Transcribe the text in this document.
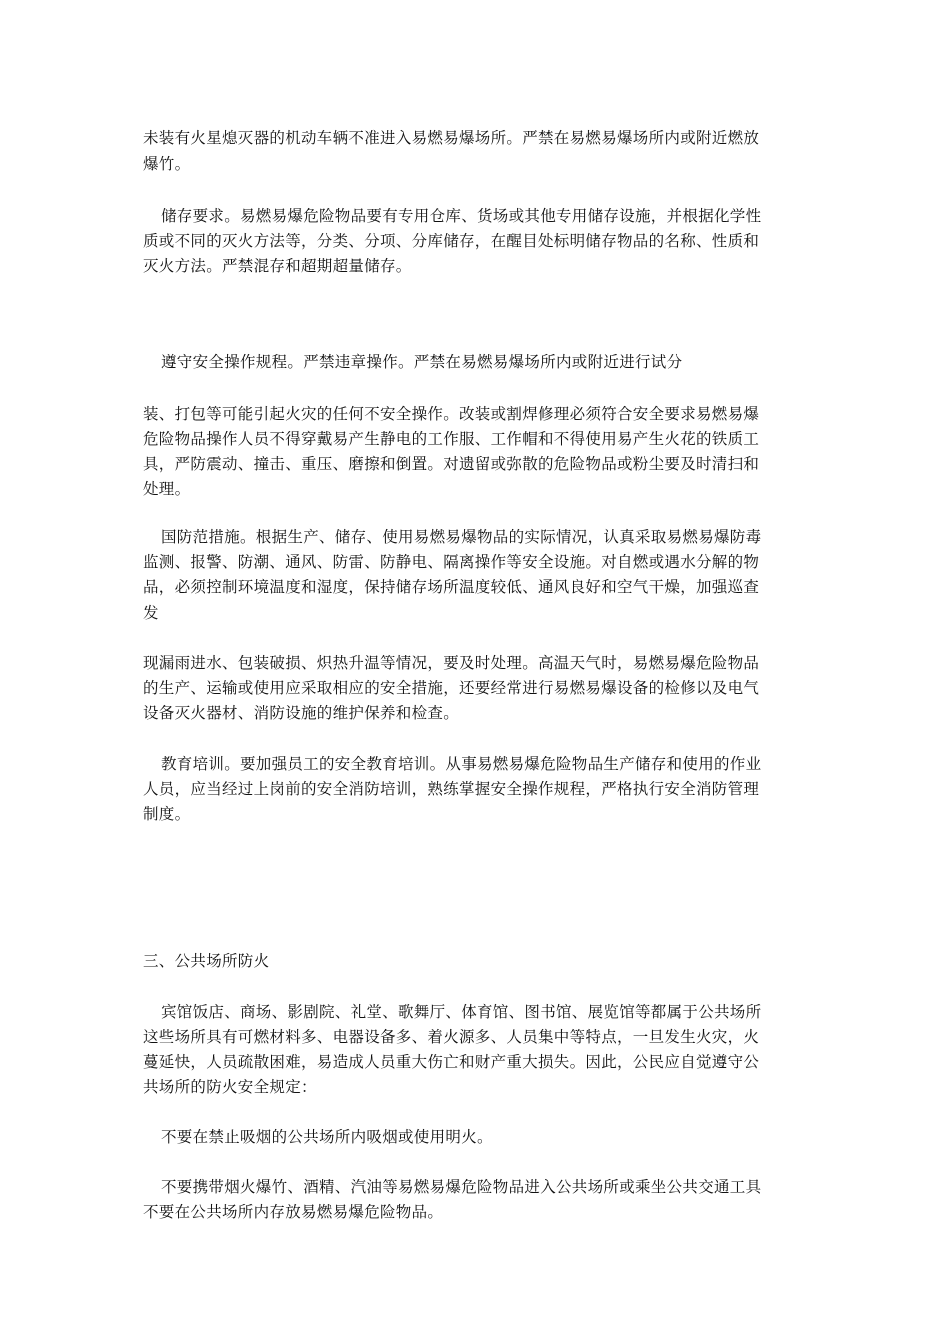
未装有火星熄灭器的机动车辆不准进入易燃易爆场所。严禁在易燃易爆场所内或附近燃放

爆竹。

储存要求。易燃易爆危险物品要有专用仓库、货场或其他专用储存设施，并根据化学性

质或不同的灭火方法等，分类、分项、分库储存，在醒目处标明储存物品的名称、性质和

灭火方法。严禁混存和超期超量储存。

遵守安全操作规程。严禁违章操作。严禁在易燃易爆场所内或附近进行试分

装、打包等可能引起火灾的任何不安全操作。改装或割焊修理必须符合安全要求易燃易爆

危险物品操作人员不得穿戴易产生静电的工作服、工作帽和不得使用易产生火花的铁质工

具，严防震动、撞击、重压、磨擦和倒置。对遗留或弥散的危险物品或粉尘要及时清扫和

处理。

国防范措施。根据生产、储存、使用易燃易爆物品的实际情况，认真采取易燃易爆防毒

监测、报警、防潮、通风、防雷、防静电、隔离操作等安全设施。对自燃或遇水分解的物

品，必须控制环境温度和湿度，保持储存场所温度较低、通风良好和空气干燥，加强巡查

发

现漏雨进水、包装破损、炽热升温等情况，要及时处理。高温天气时，易燃易爆危险物品

的生产、运输或使用应采取相应的安全措施，还要经常进行易燃易爆设备的检修以及电气

设备灭火器材、消防设施的维护保养和检查。

教育培训。要加强员工的安全教育培训。从事易燃易爆危险物品生产储存和使用的作业

人员，应当经过上岗前的安全消防培训，熟练掌握安全操作规程，严格执行安全消防管理

制度。

三、公共场所防火

宾馆饭店、商场、影剧院、礼堂、歌舞厅、体育馆、图书馆、展览馆等都属于公共场所

这些场所具有可燃材料多、电器设备多、着火源多、人员集中等特点，一旦发生火灾，火

蔓延快，人员疏散困难，易造成人员重大伤亡和财产重大损失。因此，公民应自觉遵守公

共场所的防火安全规定：

不要在禁止吸烟的公共场所内吸烟或使用明火。

不要携带烟火爆竹、酒精、汽油等易燃易爆危险物品进入公共场所或乘坐公共交通工具

不要在公共场所内存放易燃易爆危险物品。
